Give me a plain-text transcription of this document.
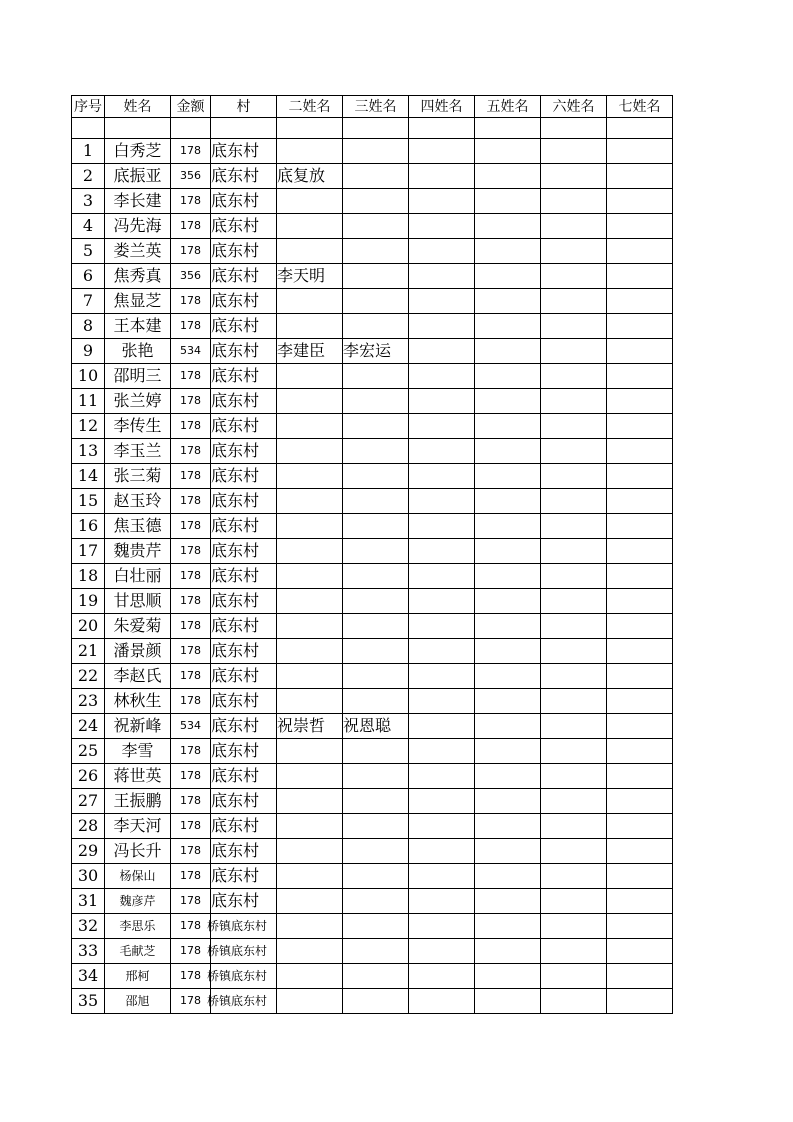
序号	姓名	金额	村	二姓名	三姓名	四姓名	五姓名	六姓名	七姓名

1	白秀芝	178	底东村						
2	底振亚	356	底东村	底复放					
3	李长建	178	底东村						
4	冯先海	178	底东村						
5	娄兰英	178	底东村						
6	焦秀真	356	底东村	李天明					
7	焦显芝	178	底东村						
8	王本建	178	底东村						
9	张艳	534	底东村	李建臣	李宏运				
10	邵明三	178	底东村						
11	张兰婷	178	底东村						
12	李传生	178	底东村						
13	李玉兰	178	底东村						
14	张三菊	178	底东村						
15	赵玉玲	178	底东村						
16	焦玉德	178	底东村						
17	魏贵芹	178	底东村						
18	白壮丽	178	底东村						
19	甘思顺	178	底东村						
20	朱爱菊	178	底东村						
21	潘景颜	178	底东村						
22	李赵氏	178	底东村						
23	林秋生	178	底东村						
24	祝新峰	534	底东村	祝崇哲	祝恩聪				
25	李雪	178	底东村						
26	蒋世英	178	底东村						
27	王振鹏	178	底东村						
28	李天河	178	底东村						
29	冯长升	178	底东村						
30	杨保山	178	底东村						
31	魏彦芹	178	底东村						
32	李思乐	178	桥镇底东村						
33	毛献芝	178	桥镇底东村						
34	邢柯	178	桥镇底东村						
35	邵旭	178	桥镇底东村						
